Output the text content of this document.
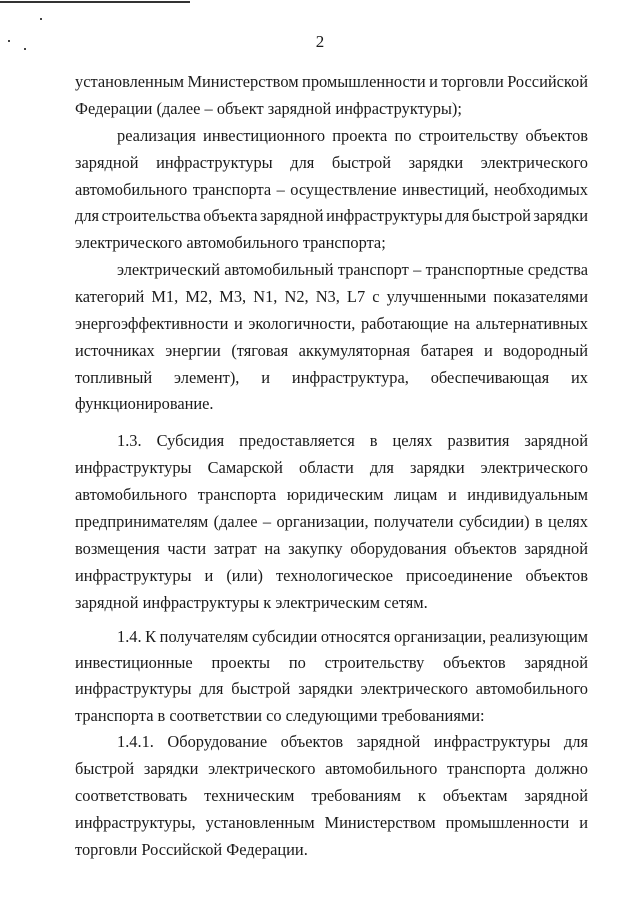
2
установленным Министерством промышленности и торговли Российской
Федерации (далее – объект зарядной инфраструктуры);
реализация инвестиционного проекта по строительству объектов
зарядной инфраструктуры для быстрой зарядки электрического
автомобильного транспорта – осуществление инвестиций, необходимых
для строительства объекта зарядной инфраструктуры для быстрой зарядки
электрического автомобильного транспорта;
электрический автомобильный транспорт – транспортные средства
категорий M1, M2, M3, N1, N2, N3, L7 с улучшенными показателями
энергоэффективности и экологичности, работающие на альтернативных
источниках энергии (тяговая аккумуляторная батарея и водородный
топливный элемент), и инфраструктура, обеспечивающая их
функционирование.
1.3. Субсидия предоставляется в целях развития зарядной
инфраструктуры Самарской области для зарядки электрического
автомобильного транспорта юридическим лицам и индивидуальным
предпринимателям (далее – организации, получатели субсидии) в целях
возмещения части затрат на закупку оборудования объектов зарядной
инфраструктуры и (или) технологическое присоединение объектов
зарядной инфраструктуры к электрическим сетям.
1.4. К получателям субсидии относятся организации, реализующим
инвестиционные проекты по строительству объектов зарядной
инфраструктуры для быстрой зарядки электрического автомобильного
транспорта в соответствии со следующими требованиями:
1.4.1. Оборудование объектов зарядной инфраструктуры для
быстрой зарядки электрического автомобильного транспорта должно
соответствовать техническим требованиям к объектам зарядной
инфраструктуры, установленным Министерством промышленности и
торговли Российской Федерации.
